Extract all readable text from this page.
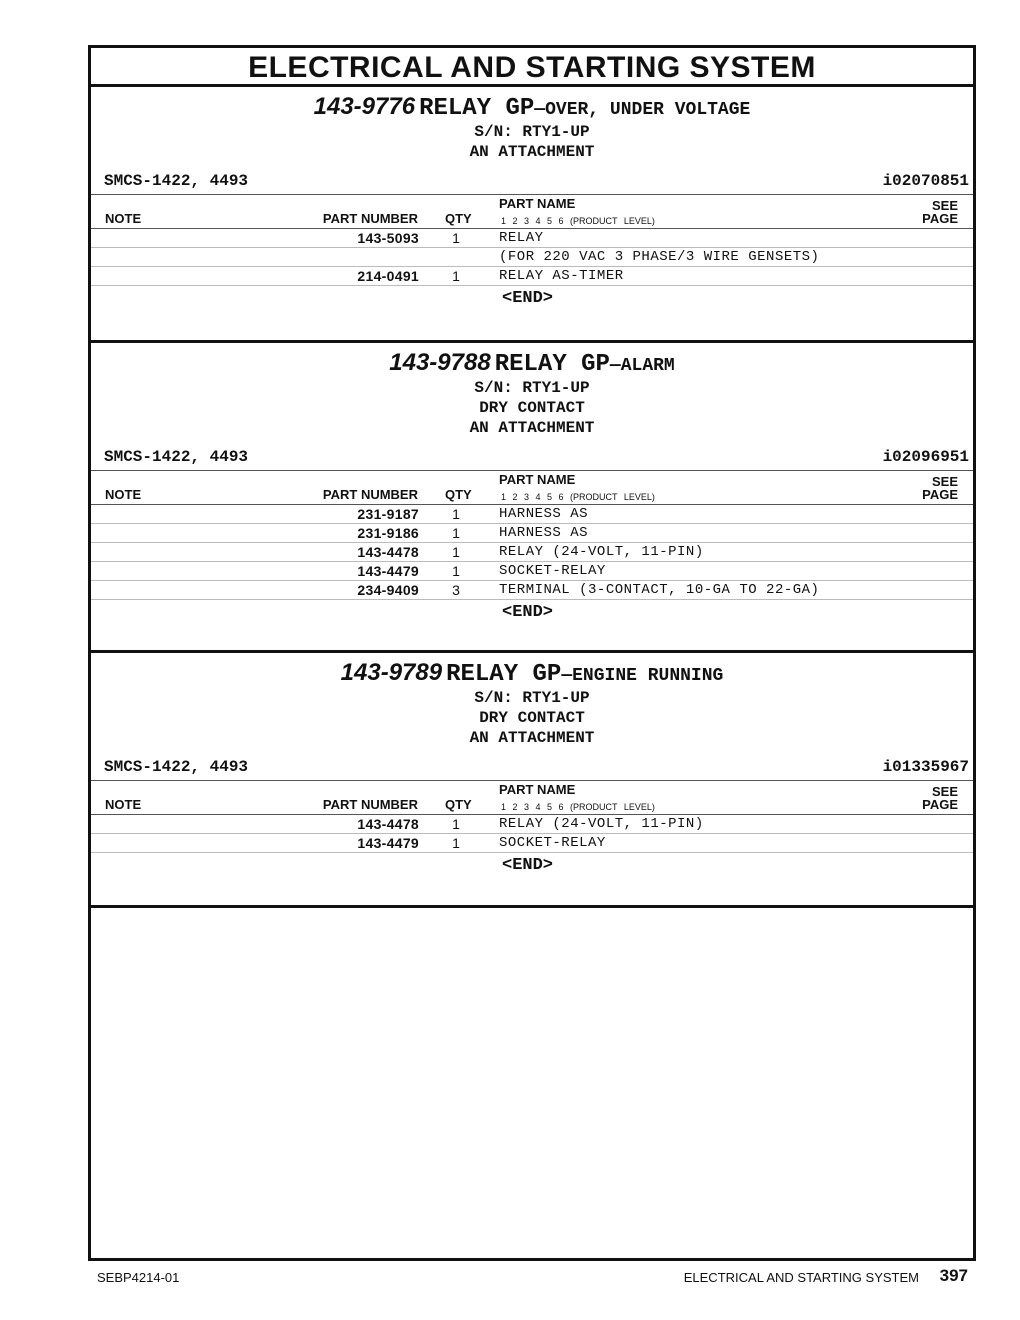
ELECTRICAL AND STARTING SYSTEM
143-9776 RELAY GP—OVER, UNDER VOLTAGE
S/N: RTY1-UP
AN ATTACHMENT
SMCS-1422, 4493	i02070851
NOTE	PART NUMBER QTY
PART NAME
1 2 3 4 5 6 (PRODUCT LEVEL)
SEE
PAGE
143-5093 1	RELAY
(FOR 220 VAC 3 PHASE/3 WIRE GENSETS)
214-0491 1	RELAY AS-TIMER
<END>
143-9788 RELAY GP—ALARM
S/N: RTY1-UP
DRY CONTACT
AN ATTACHMENT
SMCS-1422, 4493	i02096951
NOTE	PART NUMBER QTY
PART NAME
1 2 3 4 5 6 (PRODUCT LEVEL)
SEE
PAGE
231-9187 1	HARNESS AS
231-9186 1	HARNESS AS
143-4478 1	RELAY (24-VOLT, 11-PIN)
143-4479 1	SOCKET-RELAY
234-9409 3	TERMINAL (3-CONTACT, 10-GA TO 22-GA)
<END>
143-9789 RELAY GP—ENGINE RUNNING
S/N: RTY1-UP
DRY CONTACT
AN ATTACHMENT
SMCS-1422, 4493	i01335967
NOTE	PART NUMBER QTY
PART NAME
1 2 3 4 5 6 (PRODUCT LEVEL)
SEE
PAGE
143-4478 1	RELAY (24-VOLT, 11-PIN)
143-4479 1	SOCKET-RELAY
<END>
SEBP4214-01	ELECTRICAL AND STARTING SYSTEM 397
